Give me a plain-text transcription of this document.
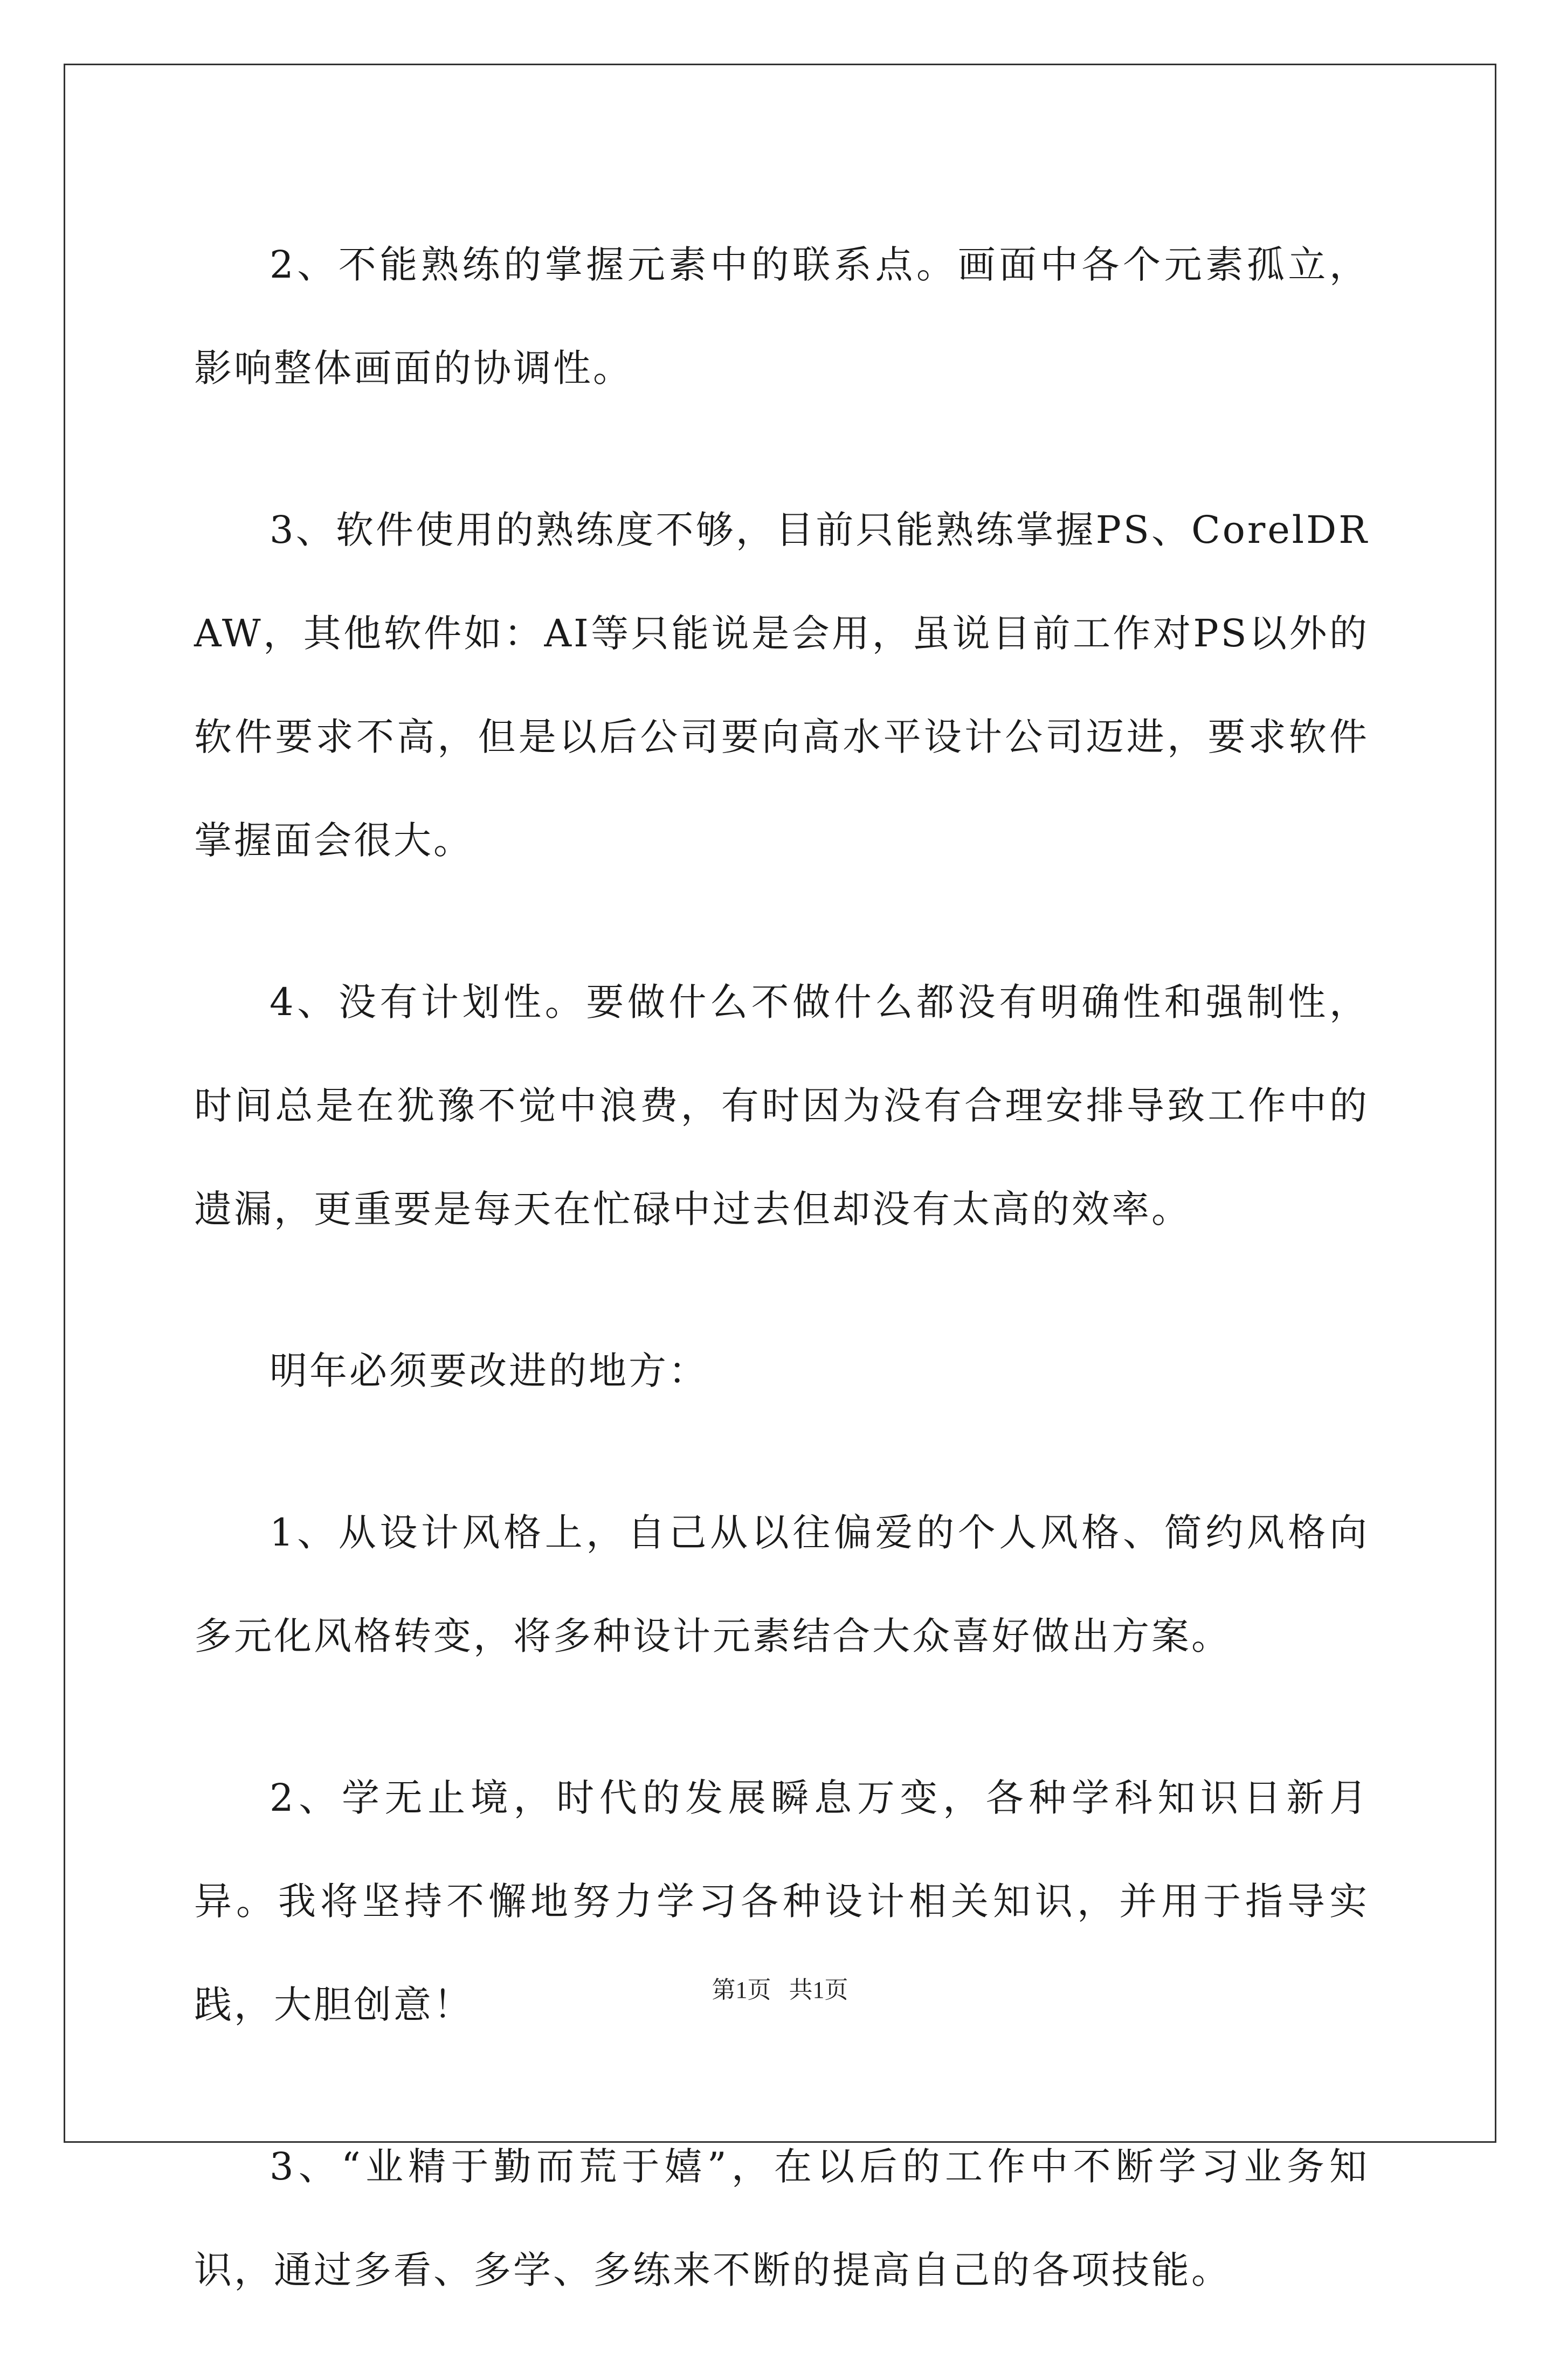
2、不能熟练的掌握元素中的联系点。画面中各个元素孤立，影响整体画面的协调性。

3、软件使用的熟练度不够，目前只能熟练掌握PS、CorelDRAW，其他软件如：AI等只能说是会用，虽说目前工作对PS以外的软件要求不高，但是以后公司要向高水平设计公司迈进，要求软件掌握面会很大。

4、没有计划性。要做什么不做什么都没有明确性和强制性，时间总是在犹豫不觉中浪费，有时因为没有合理安排导致工作中的遗漏，更重要是每天在忙碌中过去但却没有太高的效率。

明年必须要改进的地方：

1、从设计风格上，自己从以往偏爱的个人风格、简约风格向多元化风格转变，将多种设计元素结合大众喜好做出方案。

2、学无止境，时代的发展瞬息万变，各种学科知识日新月异。我将坚持不懈地努力学习各种设计相关知识，并用于指导实践，大胆创意！

3、“业精于勤而荒于嬉”，在以后的工作中不断学习业务知识，通过多看、多学、多练来不断的提高自己的各项技能。

第1页   共1页
